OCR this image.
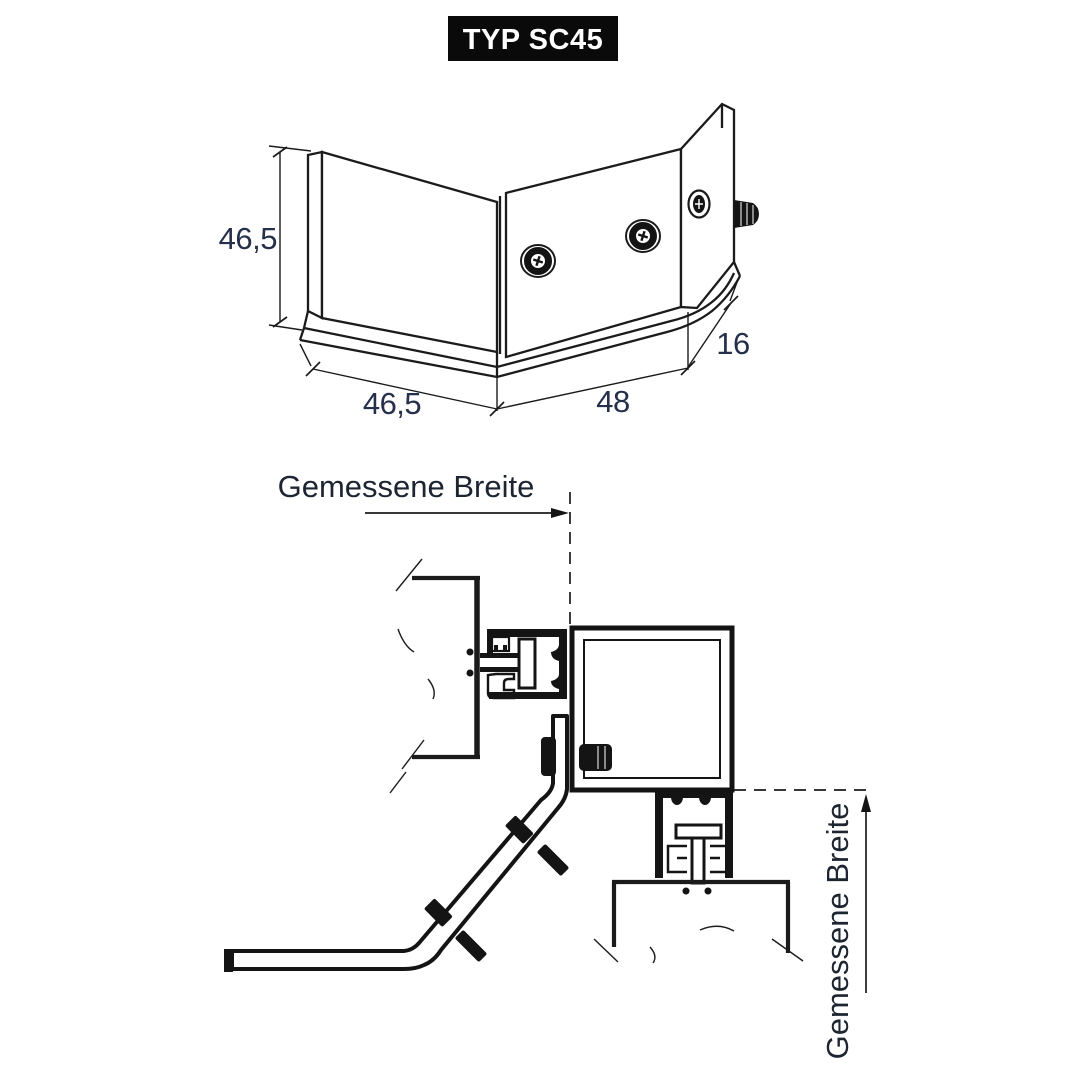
TYP SC45
46,5
46,5	48
16
Gemessene Breite
Gemessene Breite
